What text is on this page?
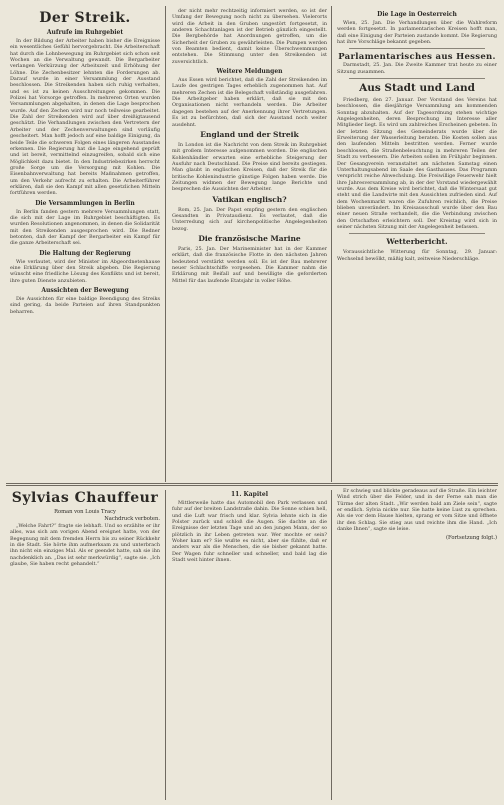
Der Streik.
Aufrufe im Ruhrgebiet

In der Bildung der Arbeiter haben bisher die Ereignisse ein wesentliches Gefühl hervorgebracht. Die Arbeiterschaft hat durch die Lohnbewegung im Ruhrgebiet sich schon seit Wochen an die Verwaltung gewandt. Die Bergarbeiter verlangen Verkürzung der Arbeitszeit und Erhöhung der Löhne. Die Zechenbesitzer lehnten die Forderungen ab. Darauf wurde in einer Versammlung der Ausstand beschlossen. Die Streikenden haben sich ruhig verhalten, und es ist zu keinen Ausschreitungen gekommen. Die Polizei hat Vorsorge getroffen. In mehreren Orten wurden Versammlungen abgehalten, in denen die Lage besprochen wurde. Auf den Zechen wird nur noch teilweise gearbeitet. Die Zahl der Streikenden wird auf über dreißigtausend geschätzt. Die Verhandlungen zwischen den Vertretern der Arbeiter und der Zechenverwaltungen sind vorläufig gescheitert. Man hofft jedoch auf eine baldige Einigung, da beide Teile die schweren Folgen eines längeren Ausstandes erkennen. Die Regierung hat die Lage eingehend geprüft und ist bereit, vermittelnd einzugreifen, sobald sich eine Möglichkeit dazu bietet. In den Industriebezirken herrscht große Sorge um die Versorgung mit Kohlen. Die Eisenbahnverwaltung hat bereits Maßnahmen getroffen, um den Verkehr aufrecht zu erhalten. Die Arbeiterführer erklären, daß sie den Kampf mit allen gesetzlichen Mitteln fortführen werden.

Die Versammlungen in Berlin

In Berlin fanden gestern mehrere Versammlungen statt, die sich mit der Lage im Ruhrgebiet beschäftigten. Es wurden Resolutionen angenommen, in denen die Solidarität mit den Streikenden ausgesprochen wird. Die Redner betonten, daß der Kampf der Bergarbeiter ein Kampf für die ganze Arbeiterschaft sei.

Die Haltung der Regierung

Wie verlautet, wird der Minister im Abgeordnetenhause eine Erklärung über den Streik abgeben. Die Regierung wünscht eine friedliche Lösung des Konflikts und ist bereit, ihre guten Dienste anzubieten.

Aussichten der Bewegung

Die Aussichten für eine baldige Beendigung des Streiks sind gering, da beide Parteien auf ihren Standpunkten beharren.

der nicht mehr rechtzeitig informiert werden, so ist der Umfang der Bewegung noch nicht zu übersehen. Vielerorts wird die Arbeit in den Gruben ungestört fortgesetzt, in anderen Schachtanlagen ist der Betrieb gänzlich eingestellt. Die Bergbehörde hat Anordnungen getroffen, um die Sicherheit der Gruben zu gewährleisten. Die Pumpen werden von Beamten bedient, damit keine Überschwemmungen entstehen. Die Stimmung unter den Streikenden ist zuversichtlich.

Weitere Meldungen

Aus Essen wird berichtet, daß die Zahl der Streikenden im Laufe des gestrigen Tages erheblich zugenommen hat. Auf mehreren Zechen ist die Belegschaft vollständig ausgefahren. Die Arbeitgeber haben erklärt, daß sie mit den Organisationen nicht verhandeln werden. Die Arbeiter dagegen bestehen auf der Anerkennung ihrer Vertretungen. Es ist zu befürchten, daß sich der Ausstand noch weiter ausdehnt.

England und der Streik

In London ist die Nachricht von dem Streik im Ruhrgebiet mit großem Interesse aufgenommen worden. Die englischen Kohlenhändler erwarten eine erhebliche Steigerung der Ausfuhr nach Deutschland. Die Preise sind bereits gestiegen. Man glaubt in englischen Kreisen, daß der Streik für die britische Kohlenindustrie günstige Folgen haben werde. Die Zeitungen widmen der Bewegung lange Berichte und besprechen die Aussichten der Arbeiter.

Vatikan englisch?

Rom, 25. Jan. Der Papst empfing gestern den englischen Gesandten in Privataudienz. Es verlautet, daß die Unterredung sich auf kirchenpolitische Angelegenheiten bezog.

Die französische Marine

Paris, 25. Jan. Der Marineminister hat in der Kammer erklärt, daß die französische Flotte in den nächsten Jahren bedeutend verstärkt werden soll. Es ist der Bau mehrerer neuer Schlachtschiffe vorgesehen. Die Kammer nahm die Erklärung mit Beifall auf und bewilligte die geforderten Mittel für das laufende Etatsjahr in voller Höhe.

Die Lage in Oesterreich

Wien, 25. Jan. Die Verhandlungen über die Wahlreform werden fortgesetzt. In parlamentarischen Kreisen hofft man, daß eine Einigung der Parteien zustande kommt. Die Regierung hat ihre Vorschläge bekannt gegeben.

Parlamentarisches aus Hessen.

Darmstadt, 25. Jan. Die Zweite Kammer trat heute zu einer Sitzung zusammen.

Aus Stadt und Land

Friedberg, den 27. Januar. Der Vorstand des Vereins hat beschlossen, die diesjährige Versammlung am kommenden Sonntag abzuhalten. Auf der Tagesordnung stehen wichtige Angelegenheiten, deren Besprechung im Interesse aller Mitglieder liegt. Es wird um zahlreiches Erscheinen gebeten. In der letzten Sitzung des Gemeinderats wurde über die Erweiterung der Wasserleitung beraten. Die Kosten sollen aus den laufenden Mitteln bestritten werden. Ferner wurde beschlossen, die Straßenbeleuchtung in mehreren Teilen der Stadt zu verbessern. Die Arbeiten sollen im Frühjahr beginnen. Der Gesangverein veranstaltet am nächsten Samstag einen Unterhaltungsabend im Saale des Gasthauses. Das Programm verspricht reiche Abwechslung. Die Freiwillige Feuerwehr hielt ihre Jahresversammlung ab, in der der Vorstand wiedergewählt wurde. Aus dem Kreise wird berichtet, daß die Wintersaat gut steht und die Landwirte mit den Aussichten zufrieden sind. Auf dem Wochenmarkt waren die Zufuhren reichlich, die Preise blieben unverändert. Im Kreisausschuß wurde über den Bau einer neuen Straße verhandelt, die die Verbindung zwischen den Ortschaften erleichtern soll. Der Kreistag wird sich in seiner nächsten Sitzung mit der Angelegenheit befassen.

Wetterbericht.

Voraussichtliche Witterung für Sonntag, 29. Januar: Wechselnd bewölkt, mäßig kalt, zeitweise Niederschläge.

Sylvias Chauffeur
Roman von Louis Tracy
Nachdruck verboten.

„Welche Fahrt?“ fragte sie lebhaft. Und so erzählte er ihr alles, was sich am vorigen Abend ereignet hatte, von der Begegnung mit dem fremden Herrn bis zu seiner Rückkehr in die Stadt. Sie hörte ihm aufmerksam zu und unterbrach ihn nicht ein einziges Mal. Als er geendet hatte, sah sie ihn nachdenklich an. „Das ist sehr merkwürdig“, sagte sie. „Ich glaube, Sie haben recht gehandelt.“

11. Kapitel

Mittlerweile hatte das Automobil den Park verlassen und fuhr auf der breiten Landstraße dahin. Die Sonne schien hell, und die Luft war frisch und klar. Sylvia lehnte sich in die Polster zurück und schloß die Augen. Sie dachte an die Ereignisse der letzten Tage und an den jungen Mann, der so plötzlich in ihr Leben getreten war. Wer mochte er sein? Woher kam er? Sie wußte es nicht, aber sie fühlte, daß er anders war als die Menschen, die sie bisher gekannt hatte. Der Wagen fuhr schneller und schneller, und bald lag die Stadt weit hinter ihnen.

Er schwieg und blickte geradeaus auf die Straße. Ein leichter Wind strich über die Felder, und in der Ferne sah man die Türme der alten Stadt. „Wir werden bald am Ziele sein“, sagte er endlich. Sylvia nickte nur. Sie hatte keine Lust zu sprechen. Als sie vor dem Hause hielten, sprang er vom Sitze und öffnete ihr den Schlag. Sie stieg aus und reichte ihm die Hand. „Ich danke Ihnen“, sagte sie leise.

(Fortsetzung folgt.)
